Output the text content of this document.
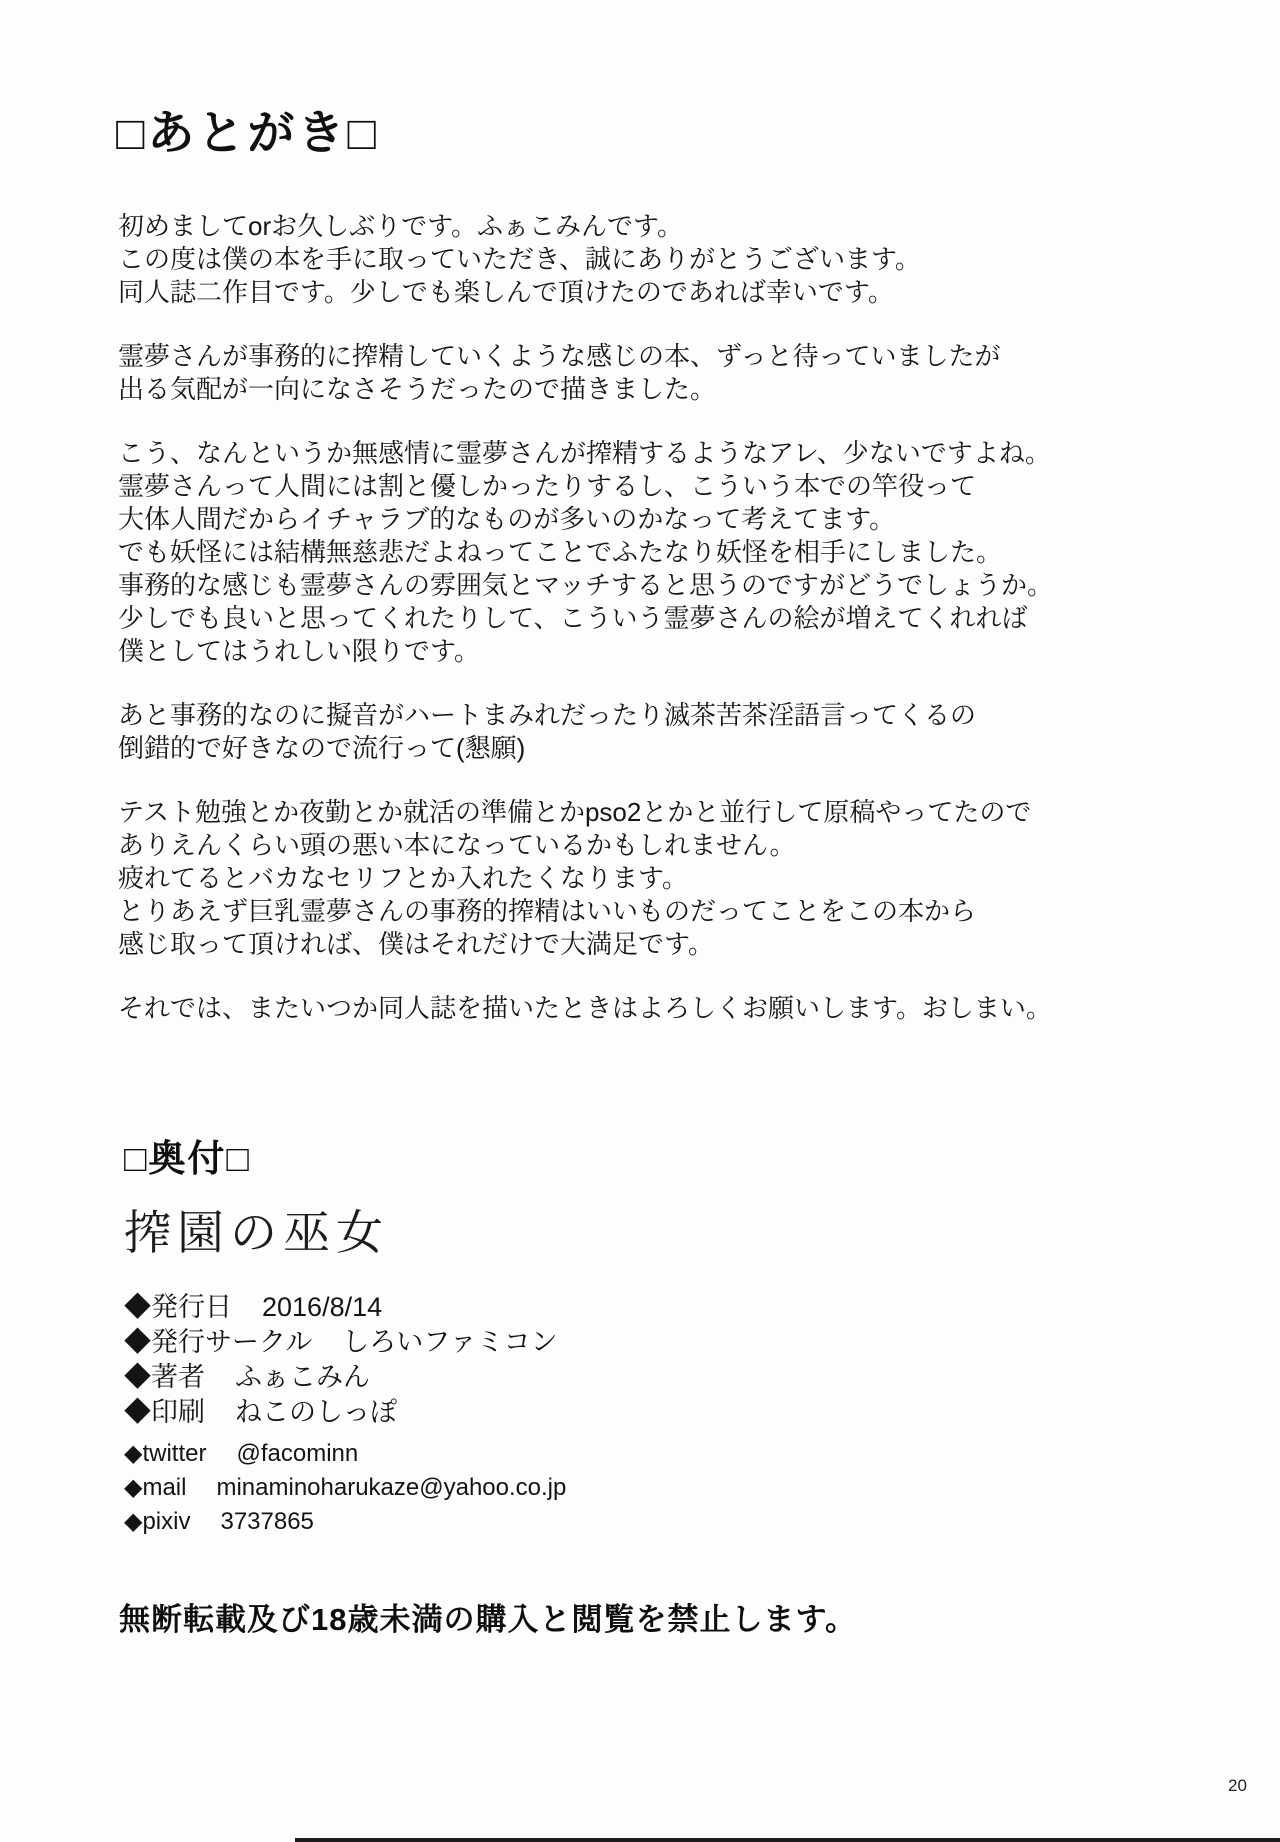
□あとがき□

初めましてorお久しぶりです。ふぁこみんです。
この度は僕の本を手に取っていただき、誠にありがとうございます。
同人誌二作目です。少しでも楽しんで頂けたのであれば幸いです。

霊夢さんが事務的に搾精していくような感じの本、ずっと待っていましたが
出る気配が一向になさそうだったので描きました。

こう、なんというか無感情に霊夢さんが搾精するようなアレ、少ないですよね。
霊夢さんって人間には割と優しかったりするし、こういう本での竿役って
大体人間だからイチャラブ的なものが多いのかなって考えてます。
でも妖怪には結構無慈悲だよねってことでふたなり妖怪を相手にしました。
事務的な感じも霊夢さんの雰囲気とマッチすると思うのですがどうでしょうか。
少しでも良いと思ってくれたりして、こういう霊夢さんの絵が増えてくれれば
僕としてはうれしい限りです。

あと事務的なのに擬音がハートまみれだったり滅茶苦茶淫語言ってくるの
倒錯的で好きなので流行って(懇願)

テスト勉強とか夜勤とか就活の準備とかpso2とかと並行して原稿やってたので
ありえんくらい頭の悪い本になっているかもしれません。
疲れてるとバカなセリフとか入れたくなります。
とりあえず巨乳霊夢さんの事務的搾精はいいものだってことをこの本から
感じ取って頂ければ、僕はそれだけで大満足です。

それでは、またいつか同人誌を描いたときはよろしくお願いします。おしまい。

□奥付□
搾園の巫女
◆発行日 2016/8/14
◆発行サークル しろいファミコン
◆著者 ふぁこみん
◆印刷 ねこのしっぽ
◆twitter @facominn
◆mail minaminoharukaze@yahoo.co.jp
◆pixiv 3737865
無断転載及び18歳未満の購入と閲覧を禁止します。
20
